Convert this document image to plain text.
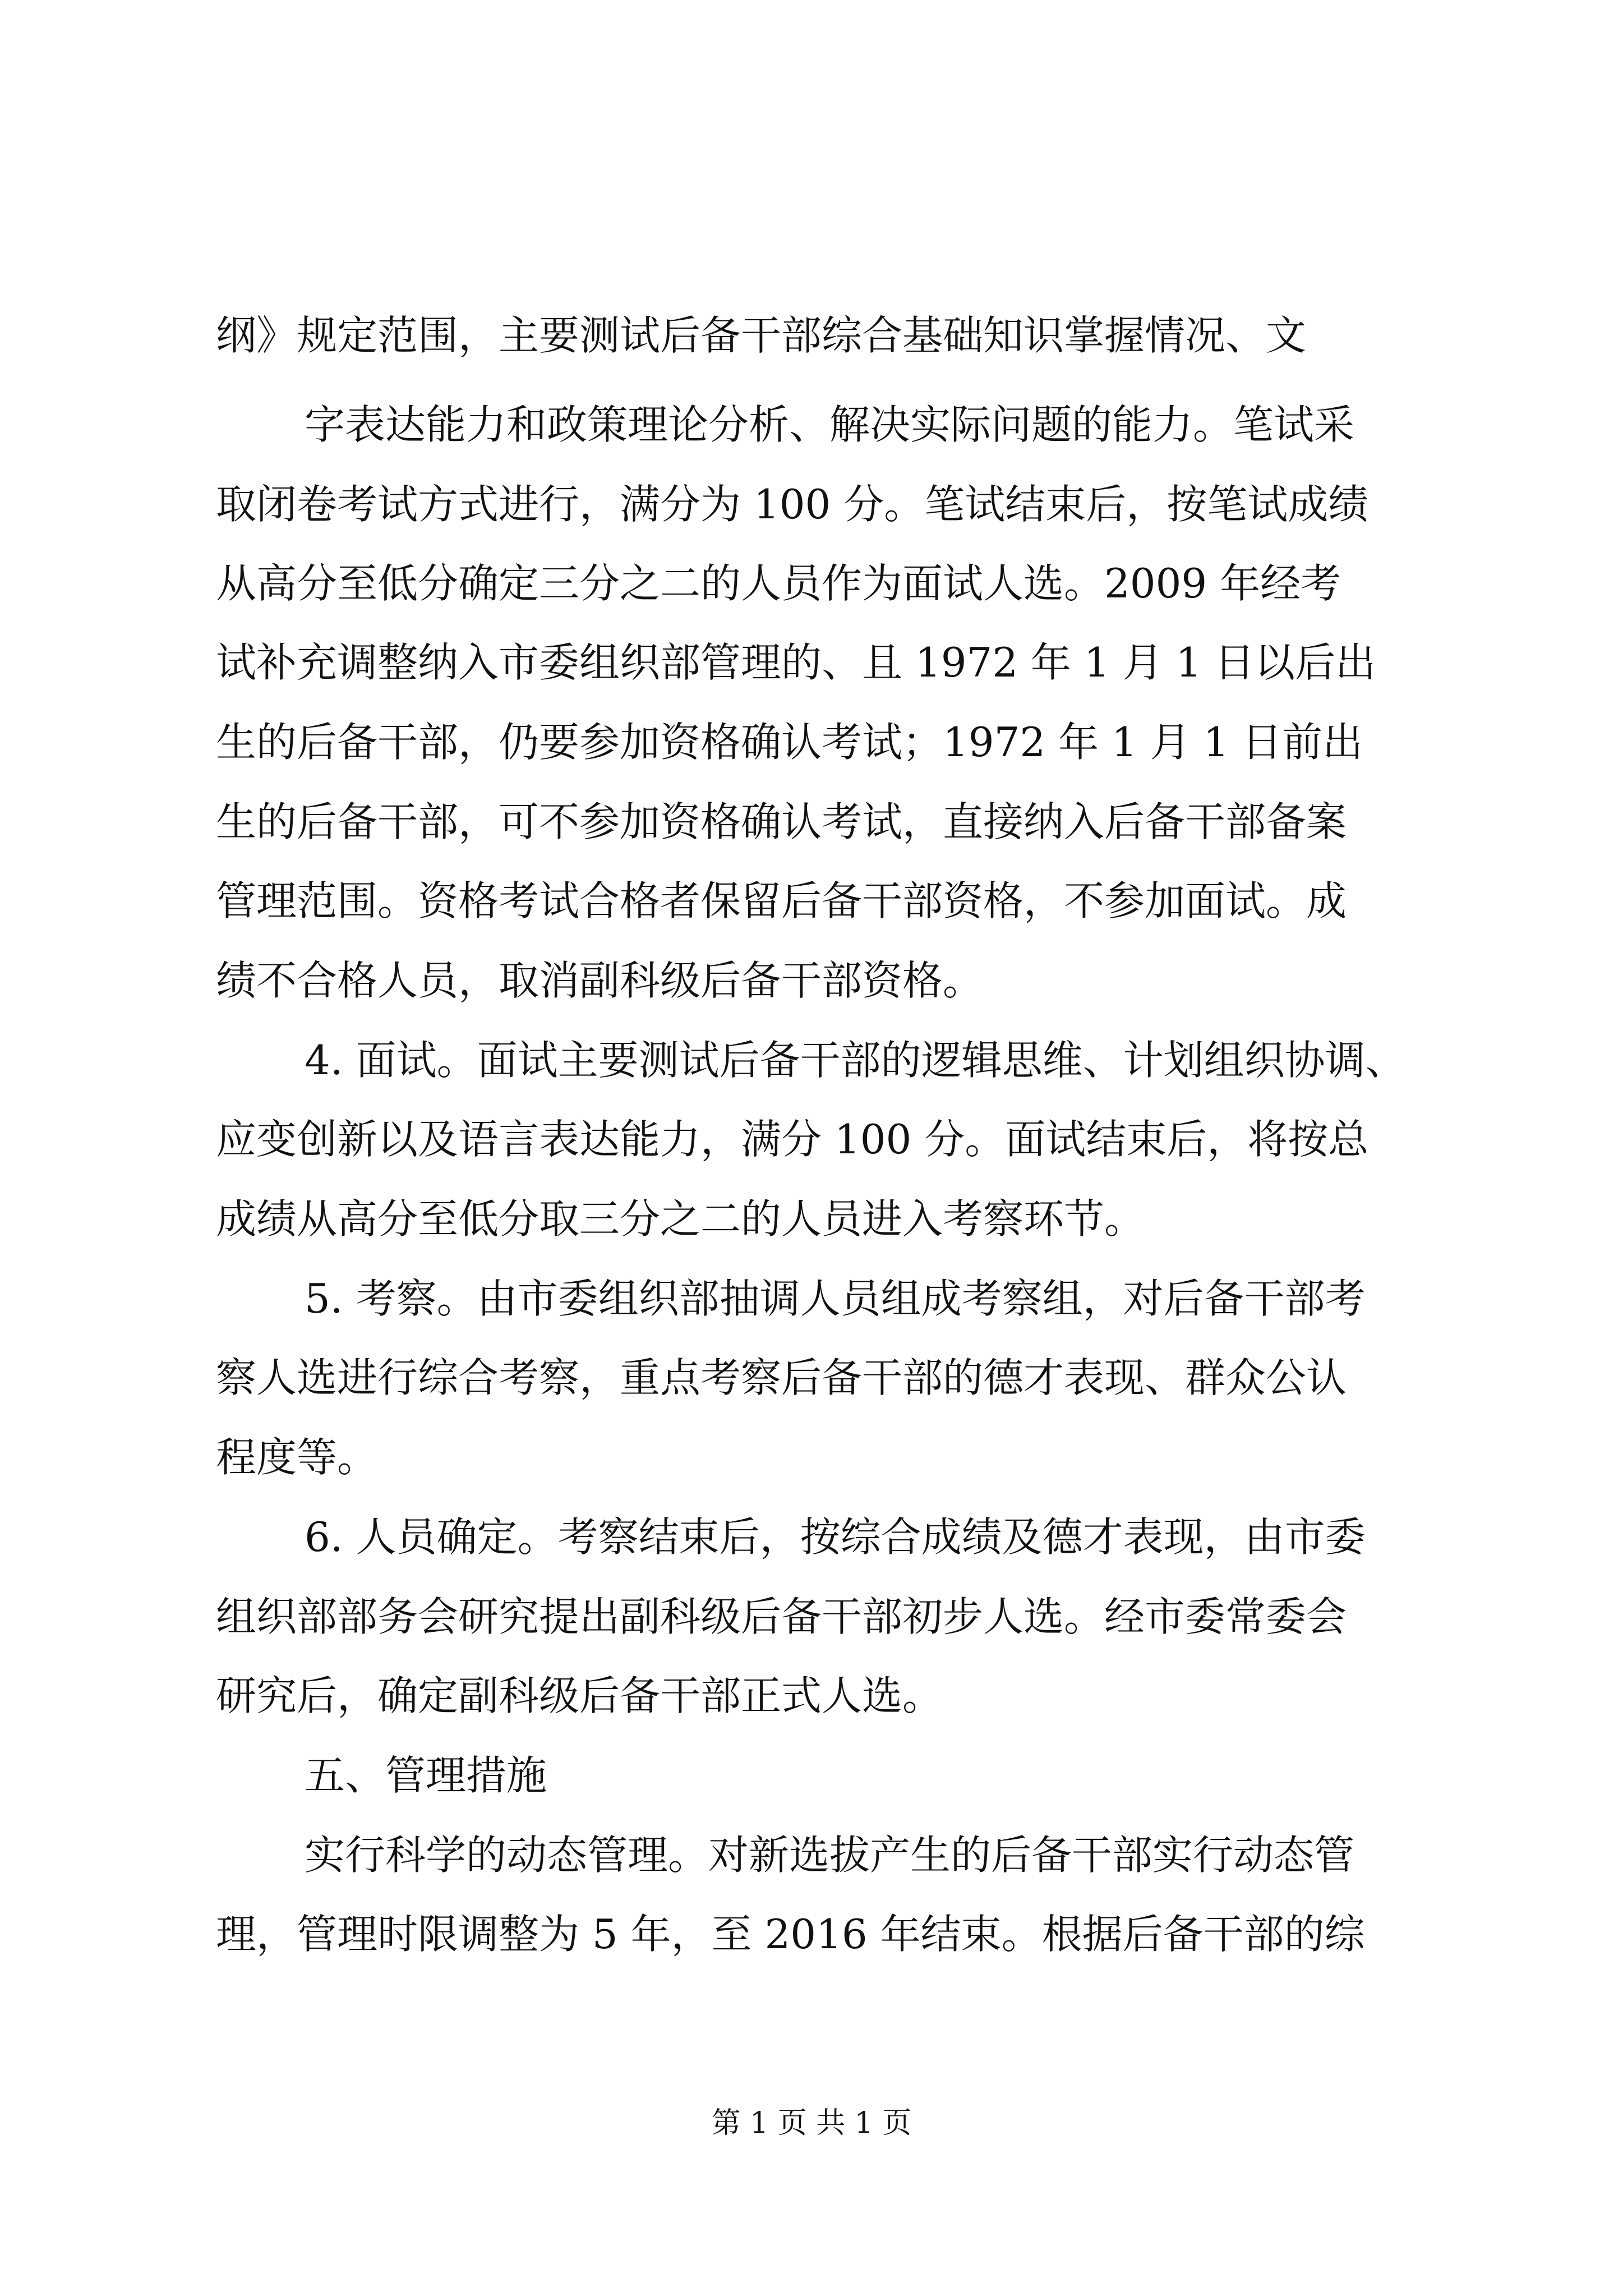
纲》规定范围，主要测试后备干部综合基础知识掌握情况、文
字表达能力和政策理论分析、解决实际问题的能力。笔试采
取闭卷考试方式进行，满分为 100 分。笔试结束后，按笔试成绩
从高分至低分确定三分之二的人员作为面试人选。2009 年经考
试补充调整纳入市委组织部管理的、且 1972 年 1 月 1 日以后出
生的后备干部，仍要参加资格确认考试；1972 年 1 月 1 日前出
生的后备干部，可不参加资格确认考试，直接纳入后备干部备案
管理范围。资格考试合格者保留后备干部资格，不参加面试。成
绩不合格人员，取消副科级后备干部资格。
4. 面试。面试主要测试后备干部的逻辑思维、计划组织协调、
应变创新以及语言表达能力，满分 100 分。面试结束后，将按总
成绩从高分至低分取三分之二的人员进入考察环节。
5. 考察。由市委组织部抽调人员组成考察组，对后备干部考
察人选进行综合考察，重点考察后备干部的德才表现、群众公认
程度等。
6. 人员确定。考察结束后，按综合成绩及德才表现，由市委
组织部部务会研究提出副科级后备干部初步人选。经市委常委会
研究后，确定副科级后备干部正式人选。
五、管理措施
实行科学的动态管理。对新选拔产生的后备干部实行动态管
理，管理时限调整为 5 年，至 2016 年结束。根据后备干部的综
第 1 页 共 1 页
